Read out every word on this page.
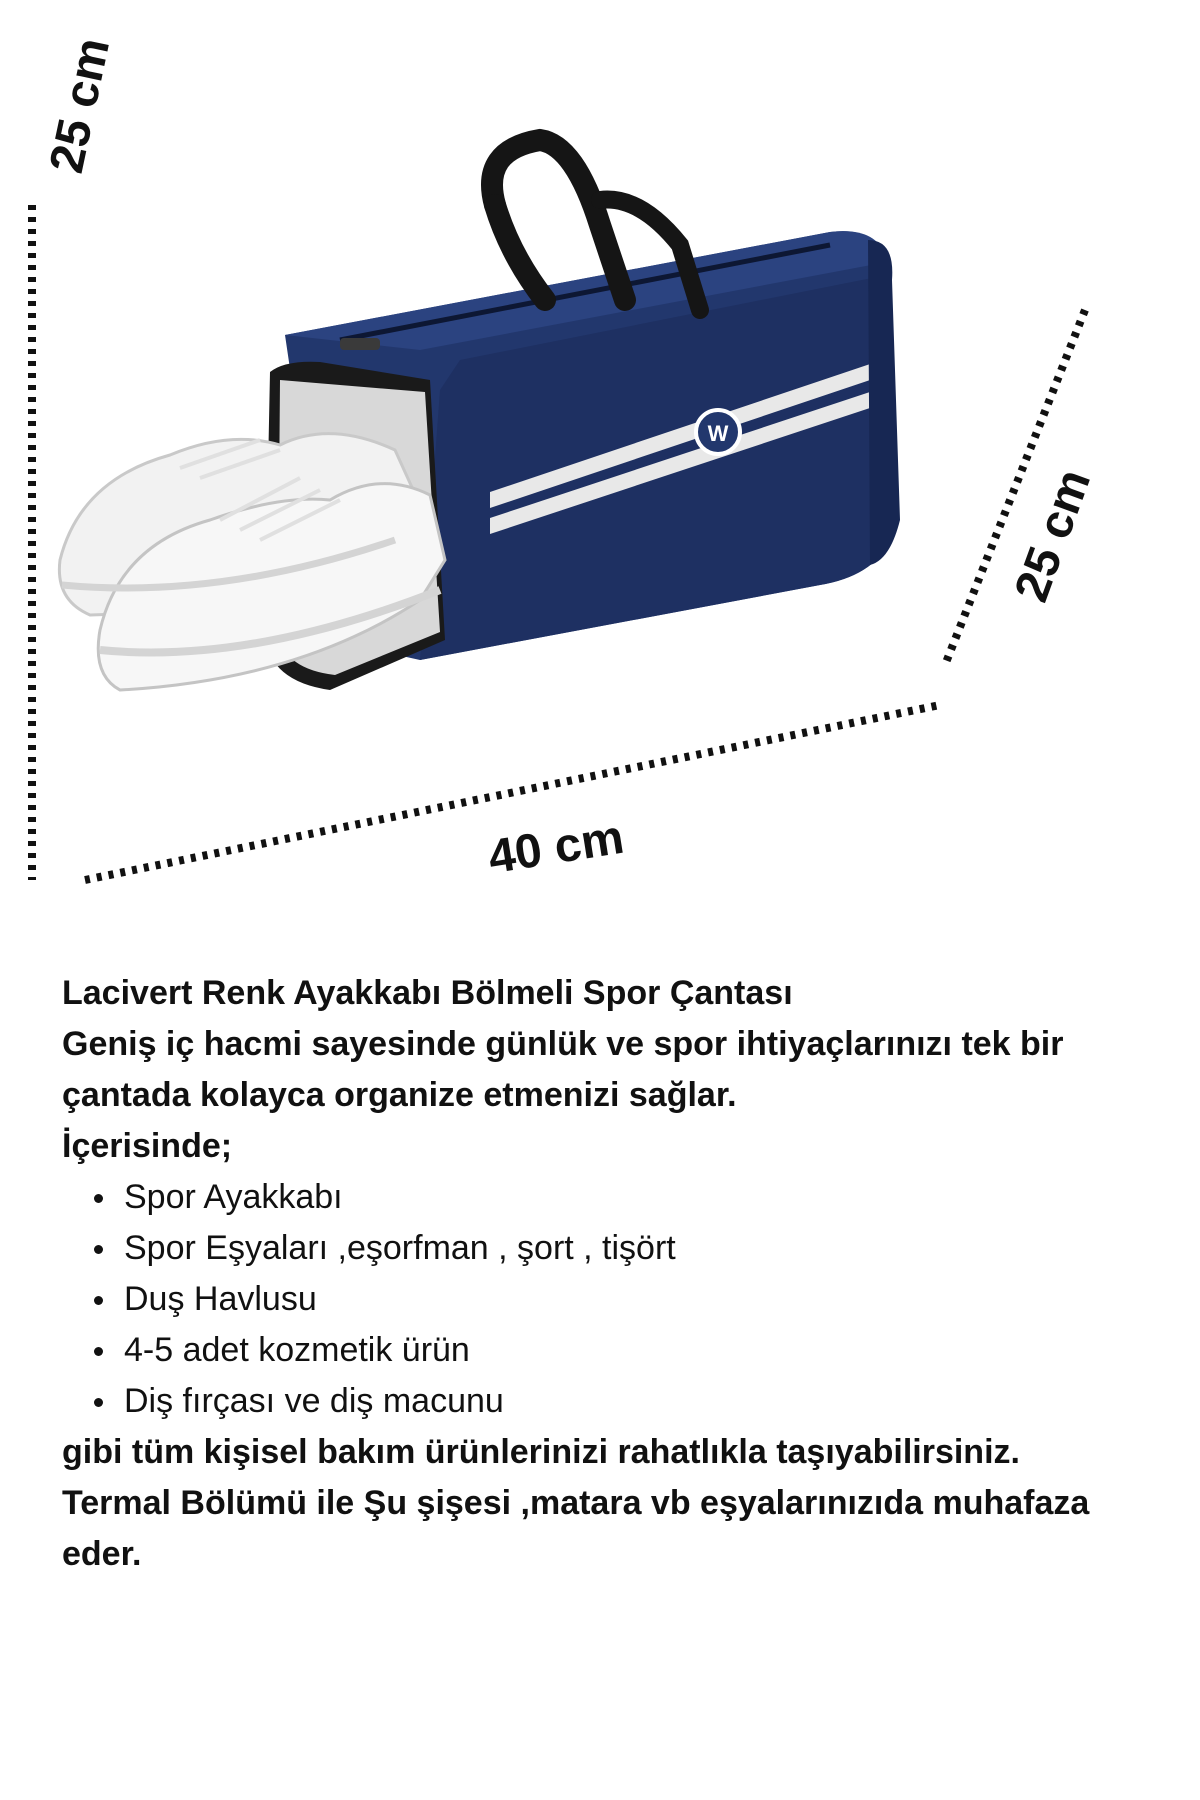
W
25 cm
25 cm
40 cm

Lacivert Renk Ayakkabı Bölmeli Spor Çantası

Geniş iç hacmi sayesinde günlük ve spor ihtiyaçlarınızı tek bir çantada kolayca organize etmenizi sağlar.

İçerisinde;

Spor Ayakkabı
Spor Eşyaları ,eşorfman , şort , tişört
Duş Havlusu
4-5 adet kozmetik ürün
Diş fırçası ve diş macunu

gibi tüm kişisel bakım ürünlerinizi rahatlıkla taşıyabilirsiniz.

Termal Bölümü ile Şu şişesi ,matara vb eşyalarınızıda muhafaza eder.
